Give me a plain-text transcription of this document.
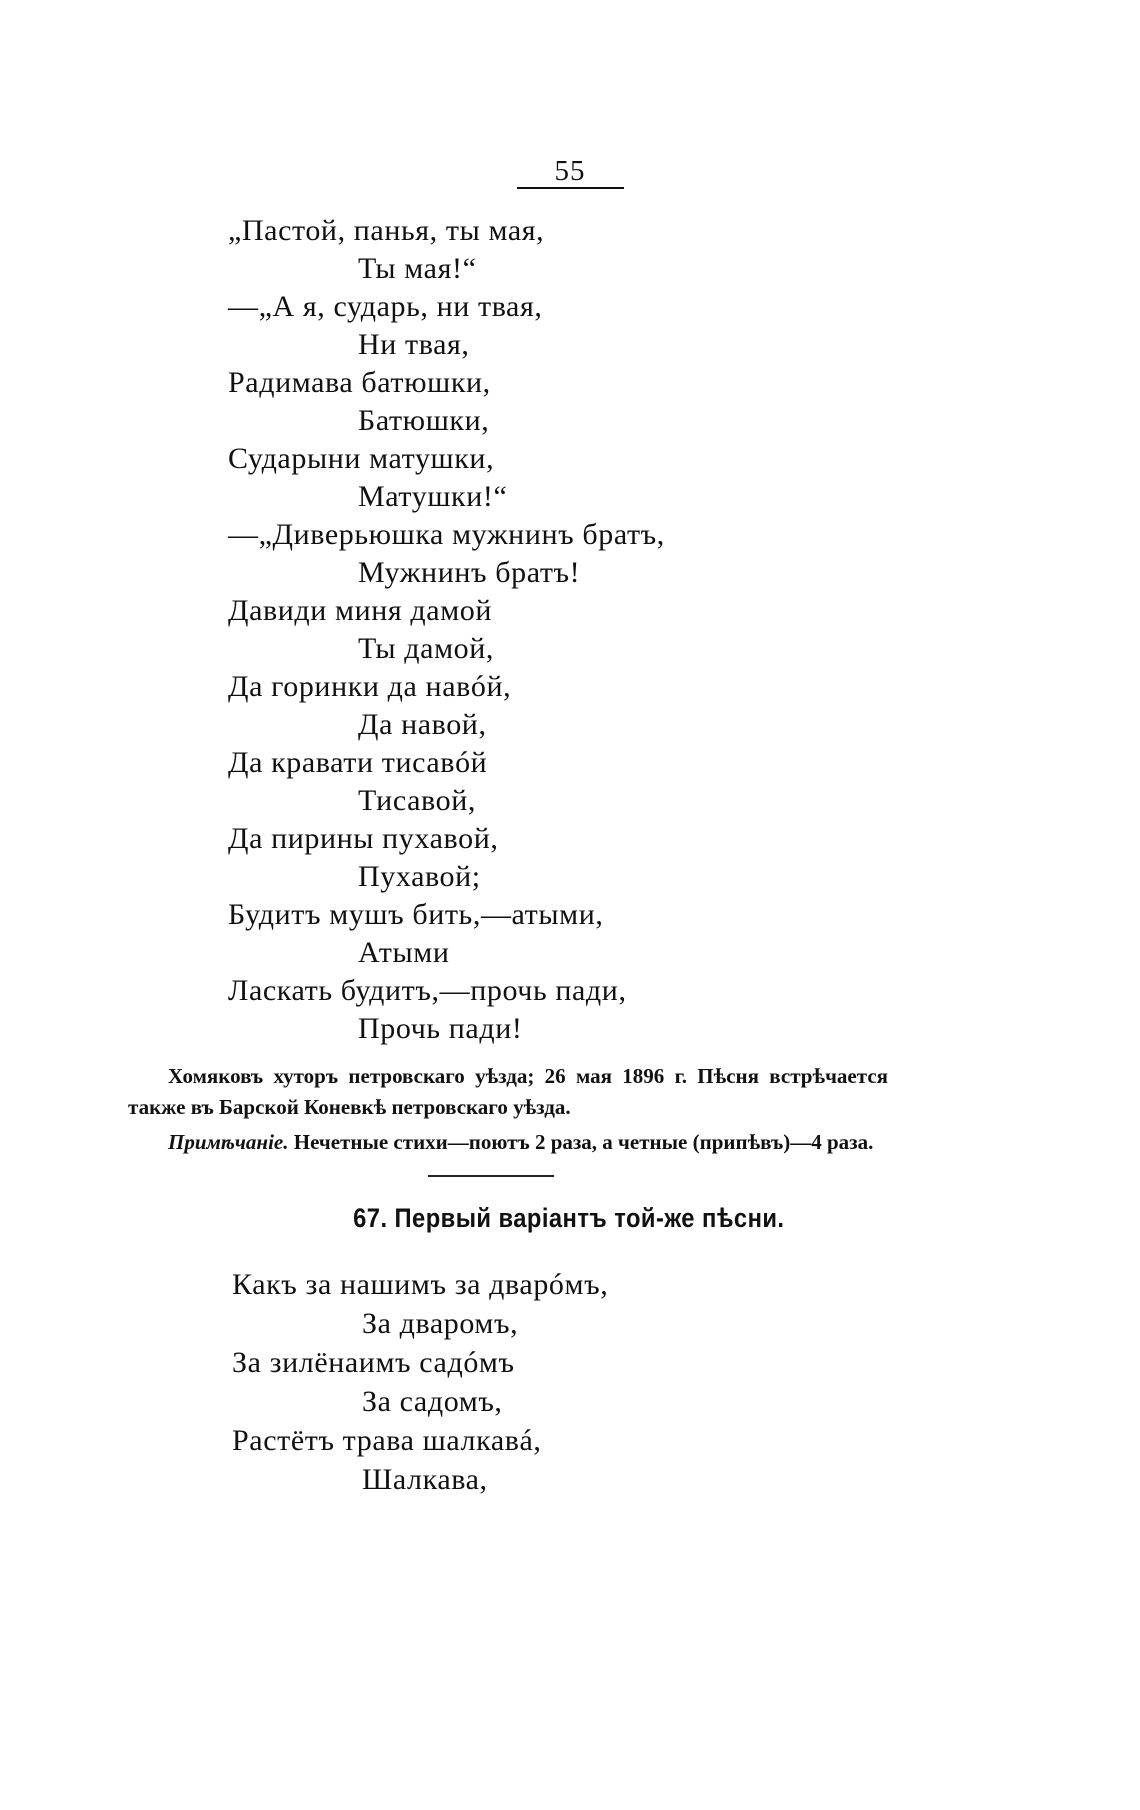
55
„Пастой, панья, ты мая,
Ты мая!“
—„А я, сударь, ни твая,
Ни твая,
Радимава батюшки,
Батюшки,
Сударыни матушки,
Матушки!“
—„Диверьюшка мужнинъ братъ,
Мужнинъ братъ!
Давиди миня дамой
Ты дамой,
Да горинки да навóй,
Да навой,
Да кравати тисавóй
Тисавой,
Да пирины пухавой,
Пухавой;
Будитъ мушъ бить,—атыми,
Атыми
Ласкать будитъ,—прочь пади,
Прочь пади!

Хомяковъ хуторъ петровскаго уѣзда; 26 мая 1896 г. Пѣсня встрѣчается также въ Барской Коневкѣ петровскаго уѣзда.

Примѣчаніе. Нечетные стихи—поютъ 2 раза, а четные (припѣвъ)—4 раза.

67. Первый варіантъ той-же пѣсни.
Какъ за нашимъ за дварóмъ,
За дваромъ,
За зилёнаимъ садóмъ
За садомъ,
Растётъ трава шалкавá,
Шалкава,
